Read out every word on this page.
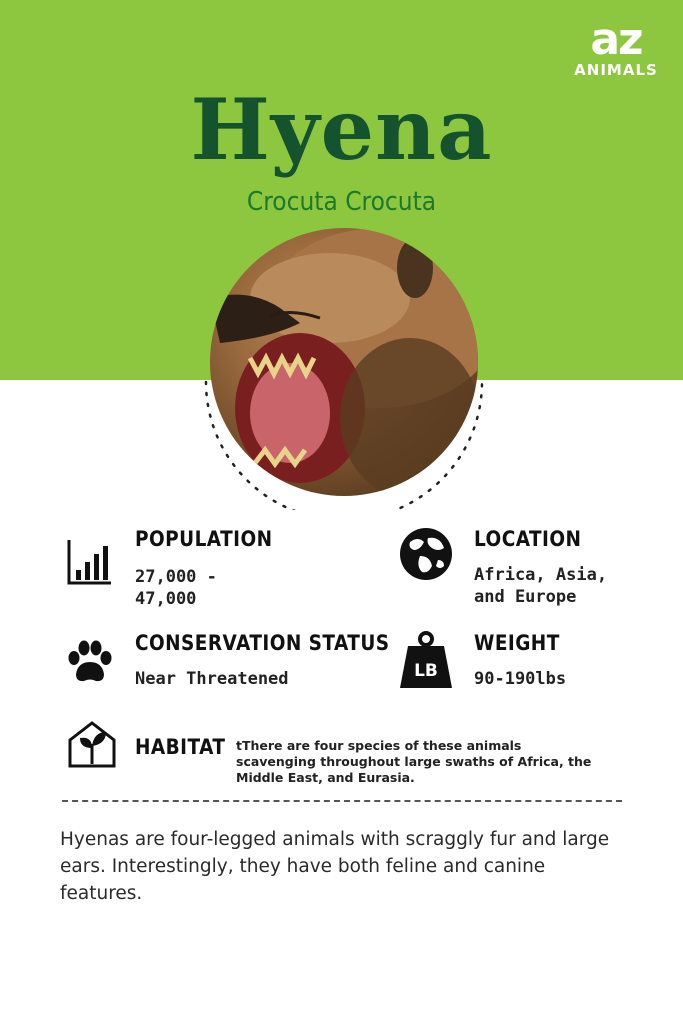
az
ANIMALS
Hyena
Crocuta Crocuta
POPULATION
27,000 - 47,000
LOCATION
Africa, Asia, and Europe
CONSERVATION STATUS
Near Threatened	LB
WEIGHT
90-190lbs
HABITAT tThere are four species of these animals scavenging throughout large swaths of Africa, the Middle East, and Eurasia.
Hyenas are four-legged animals with scraggly fur and large ears. Interestingly, they have both feline and canine features.
